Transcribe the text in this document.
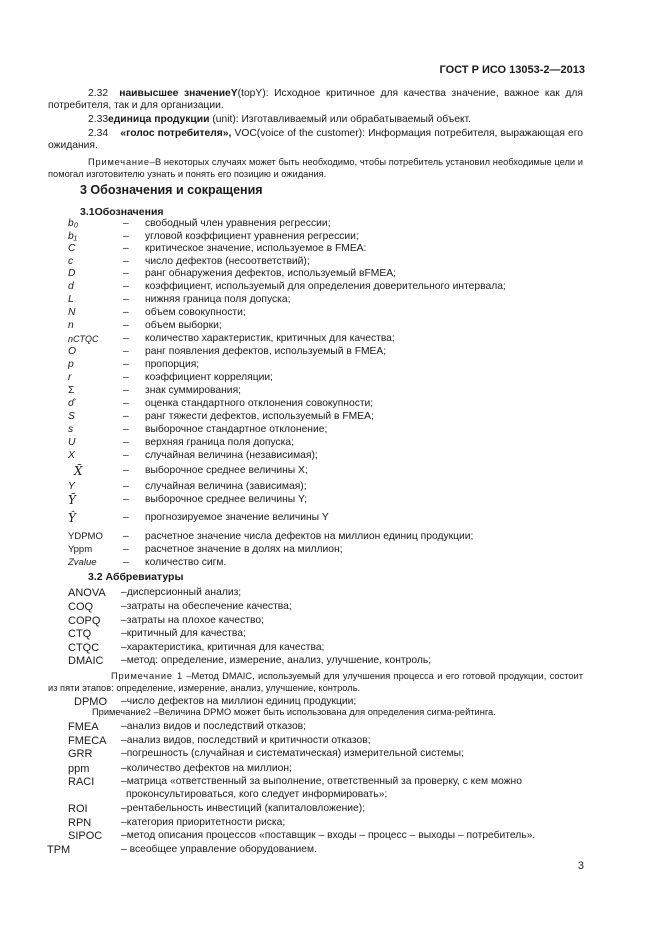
ГОСТ Р ИСО 13053-2—2013

2.32 наивысшее значениеY(topY): Исходное критичное для качества значение, важное как для потребителя, так и для организации.

2.33единица продукции (unit): Изготавливаемый или обрабатываемый объект.

2.34 «голос потребителя», VOC(voice of the customer): Информация потребителя, выражающая его ожидания.

Примечание–В некоторых случаях может быть необходимо, чтобы потребитель установил необходимые цели и помогал изготовителю узнать и понять его позицию и ожидания.

3 Обозначения и сокращения
3.1Обозначения
b₀	– свободный член уравнения регрессии;
b₁	– угловой коэффициент уравнения регрессии;
C	– критическое значение, используемое в FMEA:
c	– число дефектов (несоответствий);
D	– ранг обнаружения дефектов, используемый вFMEA;
d	– коэффициент, используемый для определения доверительного интервала;
L	– нижняя граница поля допуска;
N	– объем совокупности;
n	– объем выборки;
nCTQC – количество характеристик, критичных для качества;
O	– ранг появления дефектов, используемый в FMEA;
p	– пропорция;
r	– коэффициент корреляции;
Σ	– знак суммирования;
σ̂	– оценка стандартного отклонения совокупности;
S	– ранг тяжести дефектов, используемый в FMEA;
s	– выборочное стандартное отклонение;
U	– верхняя граница поля допуска;
X	– случайная величина (независимая);
X̄	– выборочное среднее величины X;
Y	– случайная величина (зависимая);
Ȳ	– выборочное среднее величины Y;
Ŷ	– прогнозируемое значение величины Y
YDPMO – расчетное значение числа дефектов на миллион единиц продукции;
Yppm	– расчетное значение в долях на миллион;
Zvalue	– количество сигм.
3.2 Аббревиатуры
ANOVA –дисперсионный анализ;
COQ	–затраты на обеспечение качества;
COPQ –затраты на плохое качество;
CTQ	–критичный для качества;
CTQC –характеристика, критичная для качества;
DMAIC –метод: определение, измерение, анализ, улучшение, контроль;

Примечание 1 –Метод DMAIC, используемый для улучшения процесса и его готовой продукции, состоит из пяти этапов: определение, измерение, анализ, улучшение, контроль.

DPMO –число дефектов на миллион единиц продукции;

Примечание2 –Величина DPMO может быть использована для определения сигма-рейтинга.

FMEA –анализ видов и последствий отказов;
FMECA –анализ видов, последствий и критичности отказов;
GRR	–погрешность (случайная и систематическая) измерительной системы;
ppm	–количество дефектов на миллион;
RACI	–матрица «ответственный за выполнение, ответственный за проверку, с кем можно
проконсультироваться, кого следует информировать»;
ROI	–рентабельность инвестиций (капиталовложение);
RPN	–категория приоритетности риска;
SIPOC –метод описания процессов «поставщик – входы – процесс – выходы – потребитель».
TPM	– всеобщее управление оборудованием.
3
